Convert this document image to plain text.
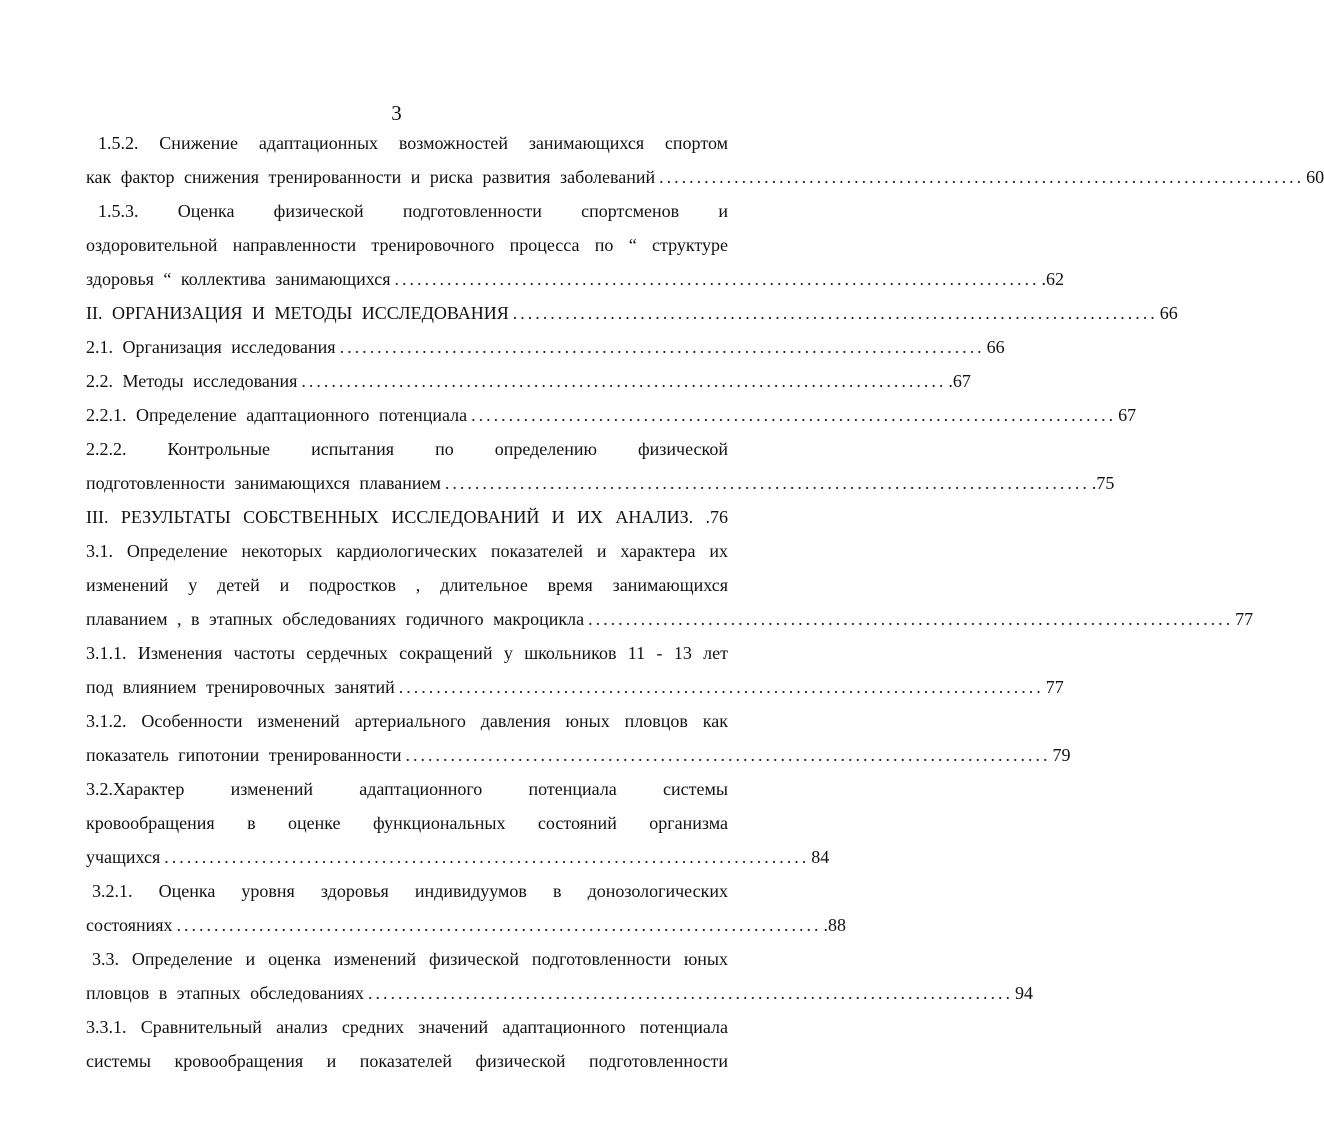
3
1.5.2. Снижение адаптационных возможностей занимающихся спортом
как фактор снижения тренированности и риска развития заболеваний ...................................................................................... 60
1.5.3. Оценка физической подготовленности спортсменов и
оздоровительной направленности тренировочного процесса по “ структуре
здоровья “ коллектива занимающихся ...................................................................................... .62
II. ОРГАНИЗАЦИЯ И МЕТОДЫ ИССЛЕДОВАНИЯ ...................................................................................... 66
2.1. Организация исследования ...................................................................................... 66
2.2. Методы исследования ...................................................................................... .67
2.2.1. Определение адаптационного потенциала ...................................................................................... 67
2.2.2. Контрольные испытания по определению физической
подготовленности занимающихся плаванием ...................................................................................... .75
III. РЕЗУЛЬТАТЫ СОБСТВЕННЫХ ИССЛЕДОВАНИЙ И ИХ АНАЛИЗ. .76
3.1. Определение некоторых кардиологических показателей и характера их
изменений у детей и подростков , длительное время занимающихся
плаванием , в этапных обследованиях годичного макроцикла ...................................................................................... 77
3.1.1. Изменения частоты сердечных сокращений у школьников 11 - 13 лет
под влиянием тренировочных занятий ...................................................................................... 77
3.1.2. Особенности изменений артериального давления юных пловцов как
показатель гипотонии тренированности ...................................................................................... 79
3.2.Характер изменений адаптационного потенциала системы
кровообращения в оценке функциональных состояний организма
учащихся ...................................................................................... 84
3.2.1. Оценка уровня здоровья индивидуумов в донозологических
состояниях ...................................................................................... .88
3.3. Определение и оценка изменений физической подготовленности юных
пловцов в этапных обследованиях ...................................................................................... 94
3.3.1. Сравнительный анализ средних значений адаптационного потенциала
системы кровообращения и показателей физической подготовленности
